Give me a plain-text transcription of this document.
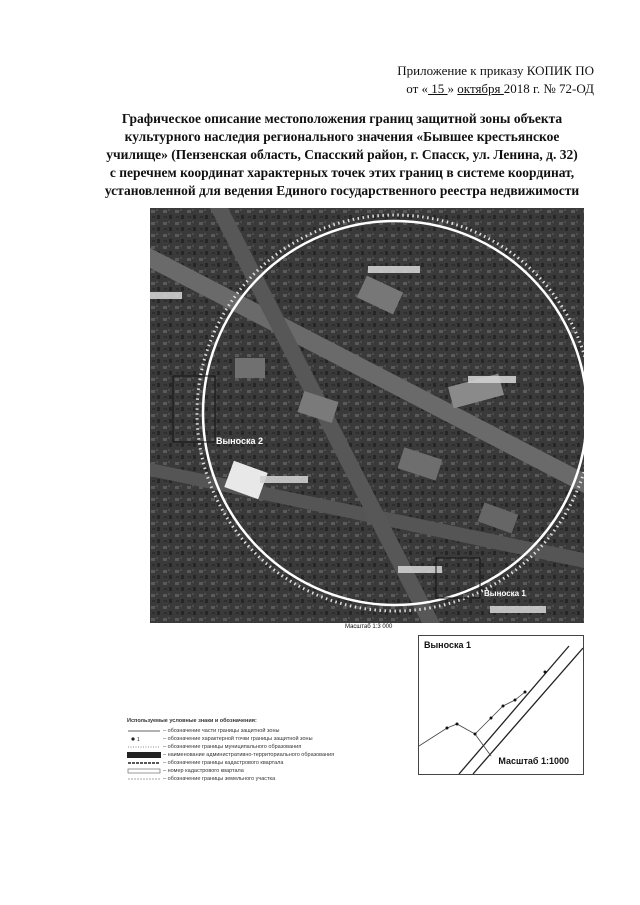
Приложение к приказу КОПИК ПО
от « 15 » октября 2018 г. № 72-ОД
Графическое описание местоположения границ защитной зоны объекта
культурного наследия регионального значения «Бывшее крестьянское
училище» (Пензенская область, Спасский район, г. Спасск, ул. Ленина, д. 32)
с перечнем координат характерных точек этих границ в системе координат,
установленной для ведения Единого государственного реестра недвижимости
Выноска 2
Выноска 1
Масштаб 1:3 000
Выноска 1
Масштаб 1:1000
Используемые условные знаки и обозначения:
– обозначение части границы защитной зоны
1	– обозначение характерной точки границы защитной зоны
– обозначение границы муниципального образования
– наименование административно-территориального образования
– обозначение границы кадастрового квартала
– номер кадастрового квартала
– обозначение границы земельного участка
